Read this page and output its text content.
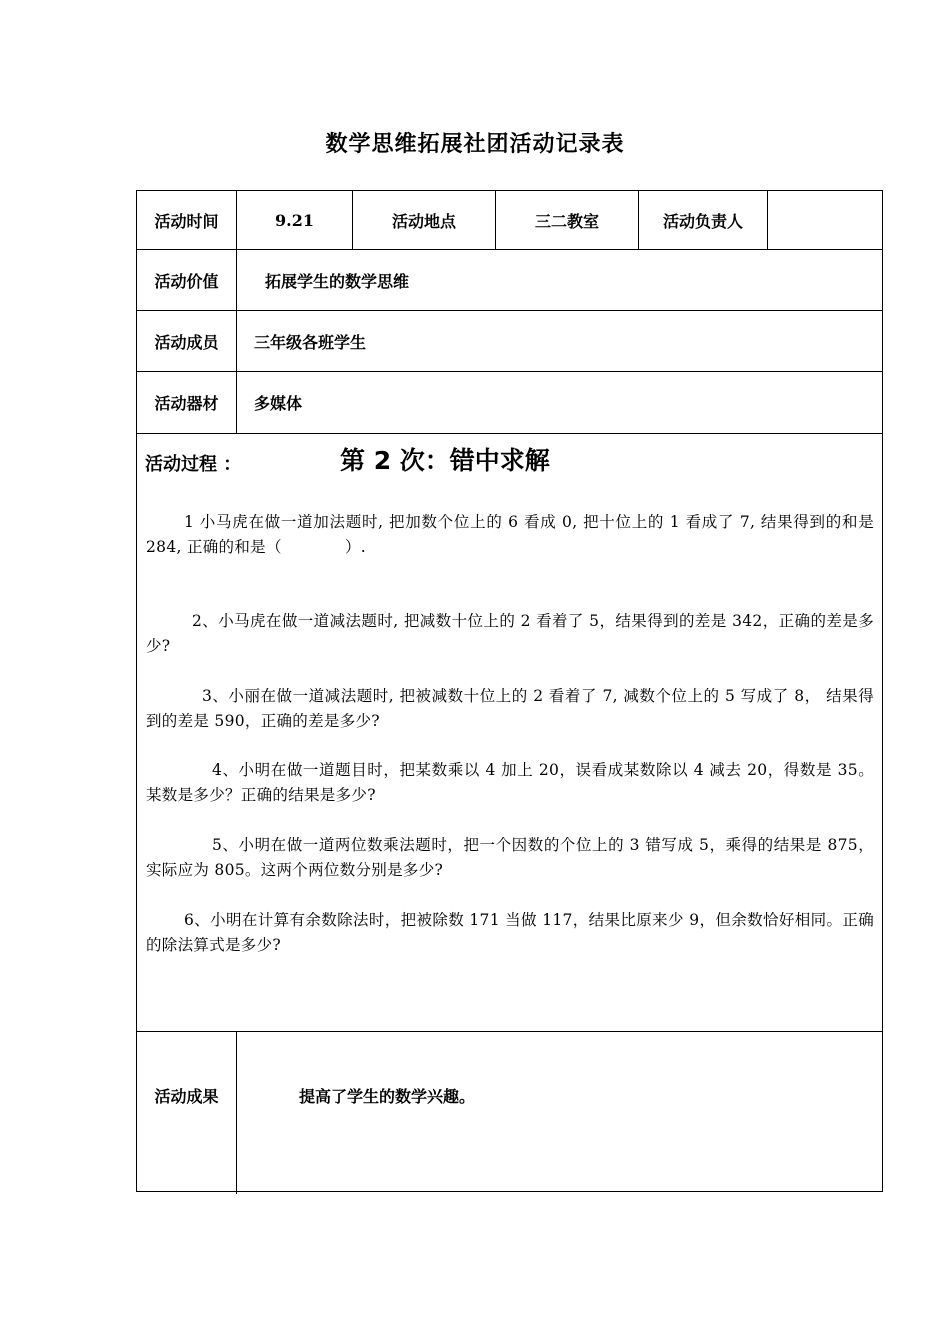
数学思维拓展社团活动记录表
活动时间	9.21	活动地点	三二教室	活动负责人
活动价值	拓展学生的数学思维
活动成员	三年级各班学生
活动器材	多媒体
活动过程 ：	第 2 次：错中求解
1 小马虎在做一道加法题时, 把加数个位上的 6 看成 0, 把十位上的 1 看成了 7, 结果得到的和是 284, 正确的和是（　　　　）.
2、小马虎在做一道减法题时, 把减数十位上的 2 看着了 5，结果得到的差是 342，正确的差是多少?
3、小丽在做一道减法题时, 把被减数十位上的 2 看着了 7, 减数个位上的 5 写成了 8， 结果得到的差是 590，正确的差是多少?
4、小明在做一道题目时，把某数乘以 4 加上 20，误看成某数除以 4 减去 20，得数是 35。某数是多少？正确的结果是多少?
5、小明在做一道两位数乘法题时，把一个因数的个位上的 3 错写成 5，乘得的结果是 875，实际应为 805。这两个两位数分别是多少?
6、小明在计算有余数除法时，把被除数 171 当做 117，结果比原来少 9，但余数恰好相同。正确的除法算式是多少?
活动成果	提高了学生的数学兴趣。
